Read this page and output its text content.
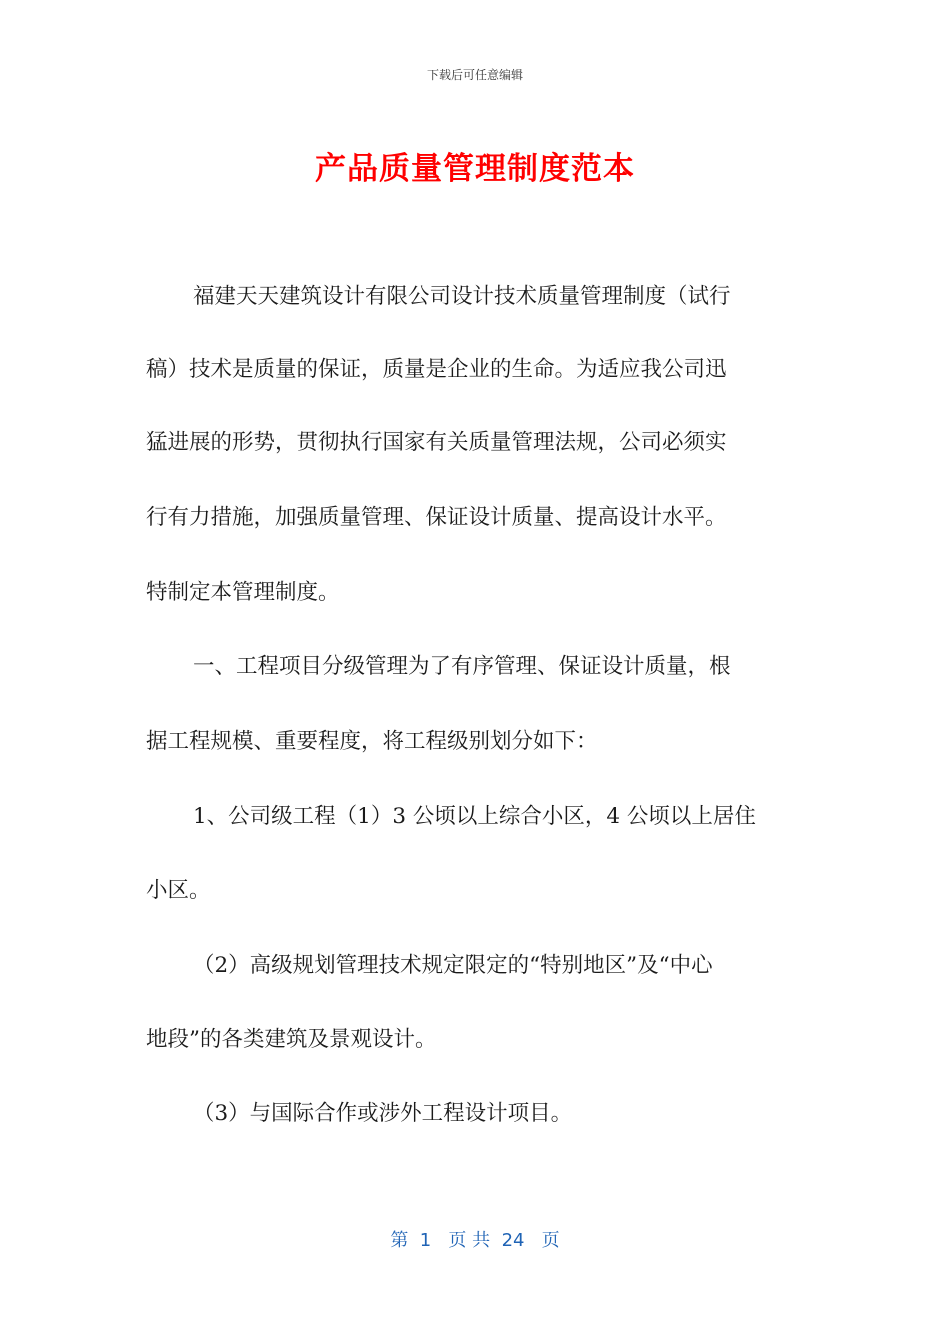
下载后可任意编辑
产品质量管理制度范本
福建天天建筑设计有限公司设计技术质量管理制度（试行
稿）技术是质量的保证，质量是企业的生命。为适应我公司迅
猛进展的形势，贯彻执行国家有关质量管理法规，公司必须实
行有力措施，加强质量管理、保证设计质量、提高设计水平。
特制定本管理制度。
一、工程项目分级管理为了有序管理、保证设计质量，根
据工程规模、重要程度，将工程级别划分如下：
1、公司级工程（1）3 公顷以上综合小区，4 公顷以上居住
小区。
（2）高级规划管理技术规定限定的“特别地区”及“中心
地段”的各类建筑及景观设计。
（3）与国际合作或涉外工程设计项目。
第  1   页 共  24   页
